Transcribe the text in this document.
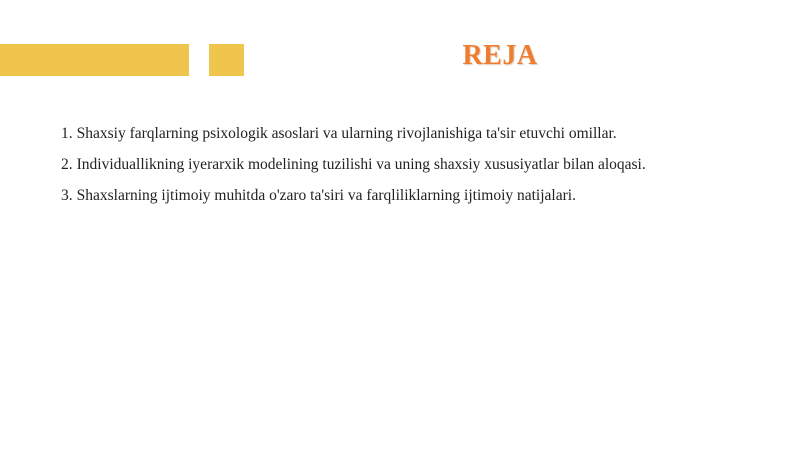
REJA
1. Shaxsiy farqlarning psixologik asoslari va ularning rivojlanishiga ta'sir etuvchi omillar.
2. Individuallikning iyerarxik modelining tuzilishi va uning shaxsiy xususiyatlar bilan aloqasi.
3. Shaxslarning ijtimoiy muhitda o'zaro ta'siri va farqliliklarning ijtimoiy natijalari.
